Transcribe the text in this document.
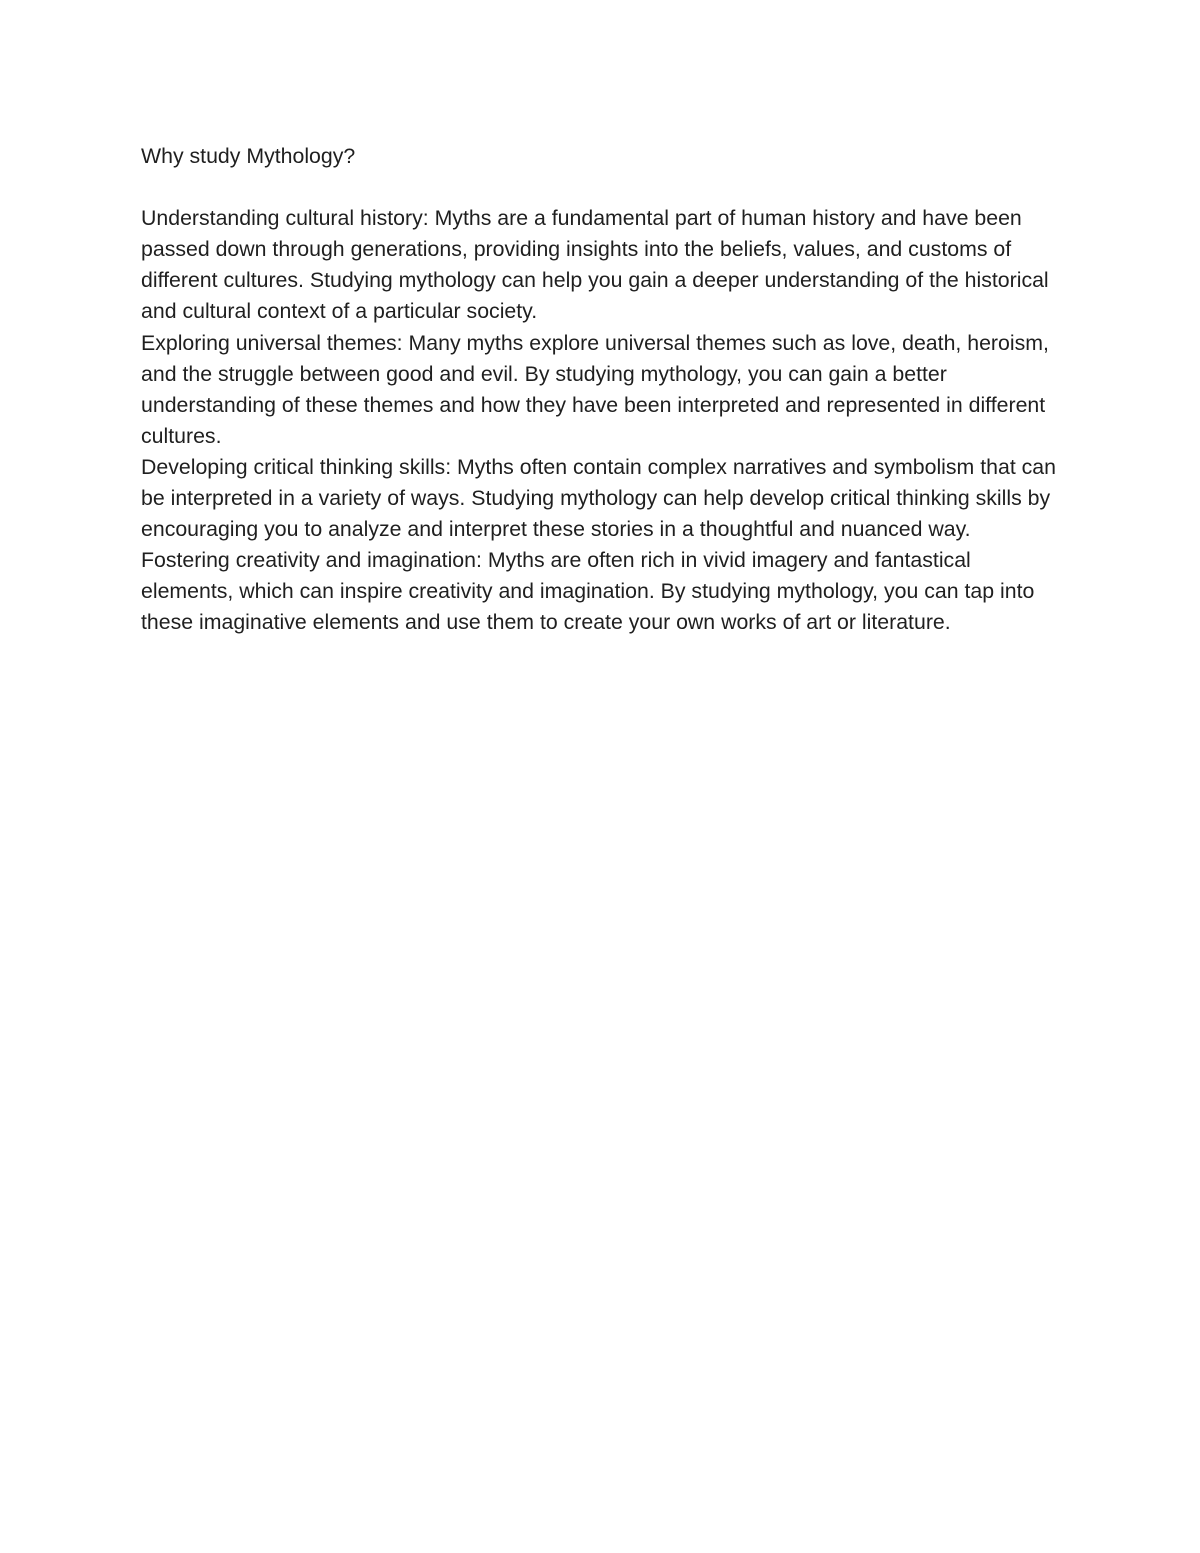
Why study Mythology?

Understanding cultural history: Myths are a fundamental part of human history and have been passed down through generations, providing insights into the beliefs, values, and customs of different cultures. Studying mythology can help you gain a deeper understanding of the historical and cultural context of a particular society.

Exploring universal themes: Many myths explore universal themes such as love, death, heroism, and the struggle between good and evil. By studying mythology, you can gain a better understanding of these themes and how they have been interpreted and represented in different cultures.

Developing critical thinking skills: Myths often contain complex narratives and symbolism that can be interpreted in a variety of ways. Studying mythology can help develop critical thinking skills by encouraging you to analyze and interpret these stories in a thoughtful and nuanced way.

Fostering creativity and imagination: Myths are often rich in vivid imagery and fantastical elements, which can inspire creativity and imagination. By studying mythology, you can tap into these imaginative elements and use them to create your own works of art or literature.
